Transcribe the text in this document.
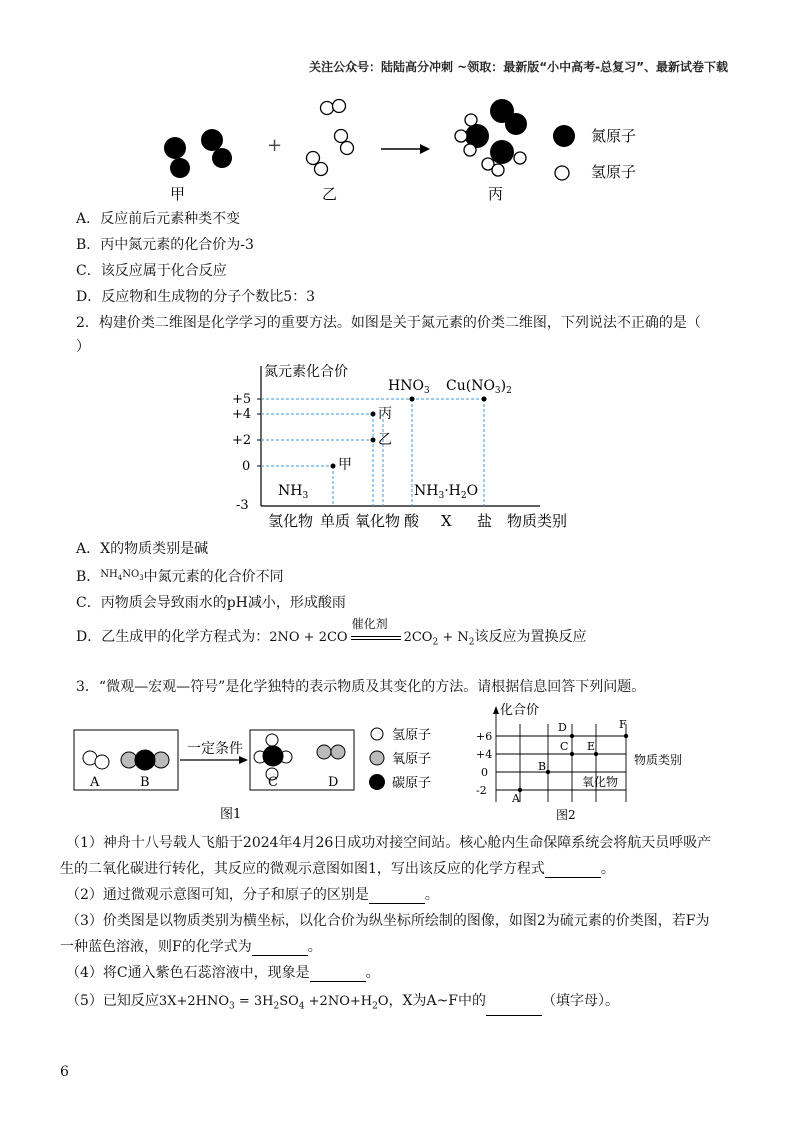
关注公众号：陆陆高分冲刺 ~领取：最新版“小中高考-总复习”、最新试卷下载
+	氮原子
氢原子
甲	乙	丙
A．反应前后元素种类不变
B．丙中氮元素的化合价为-3
C．该反应属于化合反应
D．反应物和生成物的分子个数比5：3
2．构建价类二维图是化学学习的重要方法。如图是关于氮元素的价类二维图，下列说法不正确的是（
）
氮元素化合价
+5
+4
+2
0
-3
丙
乙
甲
$HNO_3$ $Cu(NO_3)_2$
$NH_3$	$NH_3\cdot H_2O$
氢化物 单质 氧化物 酸 X 盐 物质类别
A．X的物质类别是碱
B．$^{NH_4NO_3}$中氮元素的化合价不同
C．丙物质会导致雨水的pH减小，形成酸雨
D．乙生成甲的化学方程式为：2NO + 2CO
催化剂
$2CO_2 + N_2$该反应为置换反应
3．“微观—宏观—符号”是化学独特的表示物质及其变化的方法。请根据信息回答下列问题。
一定条件
A	B	C	D
氢原子
氧原子
碳原子
图1
化合价
+6
+4
0
-2
A
B
C
D
E
F
物质类别
氧化物
图2
（1）神舟十八号载人飞船于2024年4月26日成功对接空间站。核心舱内生命保障系统会将航天员呼吸产
生的二氧化碳进行转化，其反应的微观示意图如图1，写出该反应的化学方程式	。
（2）通过微观示意图可知，分子和原子的区别是	。
（3）价类图是以物质类别为横坐标，以化合价为纵坐标所绘制的图像，如图2为硫元素的价类图，若F为
一种蓝色溶液，则F的化学式为	。
（4）将C通入紫色石蕊溶液中，现象是	。
（5）已知反应$3X+2HNO_3 = 3H_2SO_4 +2NO+H_2O$，X为A~F中的	（填字母）。
6
